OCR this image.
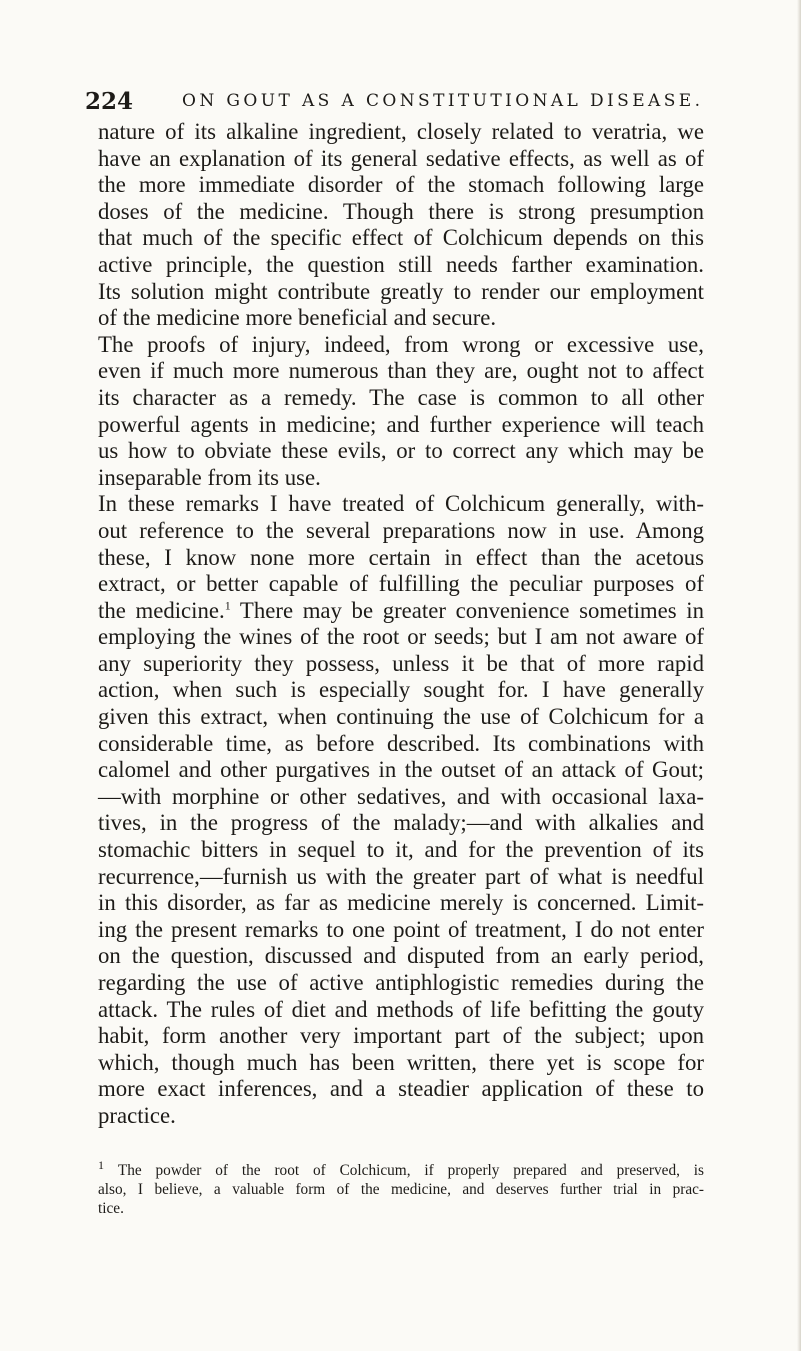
224	ON GOUT AS A CONSTITUTIONAL DISEASE.
nature of its alkaline ingredient, closely related to veratria, we
have an explanation of its general sedative effects, as well as of
the more immediate disorder of the stomach following large
doses of the medicine. Though there is strong presumption
that much of the specific effect of Colchicum depends on this
active principle, the question still needs farther examination.
Its solution might contribute greatly to render our employment
of the medicine more beneficial and secure.
The proofs of injury, indeed, from wrong or excessive use,
even if much more numerous than they are, ought not to affect
its character as a remedy. The case is common to all other
powerful agents in medicine; and further experience will teach
us how to obviate these evils, or to correct any which may be
inseparable from its use.
In these remarks I have treated of Colchicum generally, with-
out reference to the several preparations now in use. Among
these, I know none more certain in effect than the acetous
extract, or better capable of fulfilling the peculiar purposes of
the medicine.$^1$ There may be greater convenience sometimes in
employing the wines of the root or seeds; but I am not aware of
any superiority they possess, unless it be that of more rapid
action, when such is especially sought for. I have generally
given this extract, when continuing the use of Colchicum for a
considerable time, as before described. Its combinations with
calomel and other purgatives in the outset of an attack of Gout;
—with morphine or other sedatives, and with occasional laxa-
tives, in the progress of the malady;—and with alkalies and
stomachic bitters in sequel to it, and for the prevention of its
recurrence,—furnish us with the greater part of what is needful
in this disorder, as far as medicine merely is concerned. Limit-
ing the present remarks to one point of treatment, I do not enter
on the question, discussed and disputed from an early period,
regarding the use of active antiphlogistic remedies during the
attack. The rules of diet and methods of life befitting the gouty
habit, form another very important part of the subject; upon
which, though much has been written, there yet is scope for
more exact inferences, and a steadier application of these to
practice.
$^1$ The powder of the root of Colchicum, if properly prepared and preserved, is
also, I believe, a valuable form of the medicine, and deserves further trial in prac-
tice.
